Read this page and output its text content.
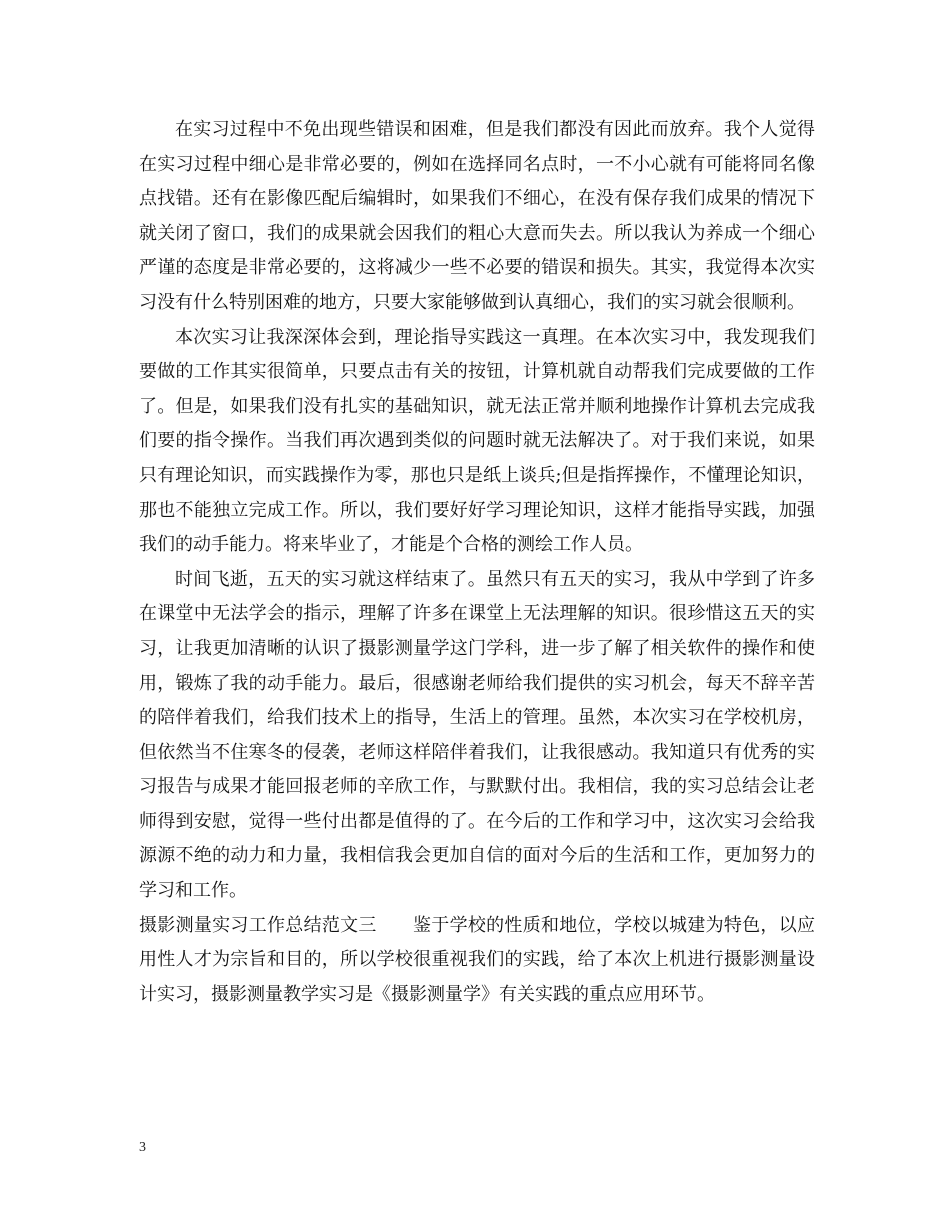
在实习过程中不免出现些错误和困难，但是我们都没有因此而放弃。我个人觉得在实习过程中细心是非常必要的，例如在选择同名点时，一不小心就有可能将同名像点找错。还有在影像匹配后编辑时，如果我们不细心，在没有保存我们成果的情况下就关闭了窗口，我们的成果就会因我们的粗心大意而失去。所以我认为养成一个细心严谨的态度是非常必要的，这将减少一些不必要的错误和损失。其实，我觉得本次实习没有什么特别困难的地方，只要大家能够做到认真细心，我们的实习就会很顺利。

本次实习让我深深体会到，理论指导实践这一真理。在本次实习中，我发现我们要做的工作其实很简单，只要点击有关的按钮，计算机就自动帮我们完成要做的工作了。但是，如果我们没有扎实的基础知识，就无法正常并顺利地操作计算机去完成我们要的指令操作。当我们再次遇到类似的问题时就无法解决了。对于我们来说，如果只有理论知识，而实践操作为零，那也只是纸上谈兵;但是指挥操作，不懂理论知识，那也不能独立完成工作。所以，我们要好好学习理论知识，这样才能指导实践，加强我们的动手能力。将来毕业了，才能是个合格的测绘工作人员。

时间飞逝，五天的实习就这样结束了。虽然只有五天的实习，我从中学到了许多在课堂中无法学会的指示，理解了许多在课堂上无法理解的知识。很珍惜这五天的实习，让我更加清晰的认识了摄影测量学这门学科，进一步了解了相关软件的操作和使用，锻炼了我的动手能力。最后，很感谢老师给我们提供的实习机会，每天不辞辛苦的陪伴着我们，给我们技术上的指导，生活上的管理。虽然，本次实习在学校机房，但依然当不住寒冬的侵袭，老师这样陪伴着我们，让我很感动。我知道只有优秀的实习报告与成果才能回报老师的辛欣工作，与默默付出。我相信，我的实习总结会让老师得到安慰，觉得一些付出都是值得的了。在今后的工作和学习中，这次实习会给我源源不绝的动力和力量，我相信我会更加自信的面对今后的生活和工作，更加努力的学习和工作。

摄影测量实习工作总结范文三 鉴于学校的性质和地位，学校以城建为特色，以应用性人才为宗旨和目的，所以学校很重视我们的实践，给了本次上机进行摄影测量设计实习，摄影测量教学实习是《摄影测量学》有关实践的重点应用环节。

3
